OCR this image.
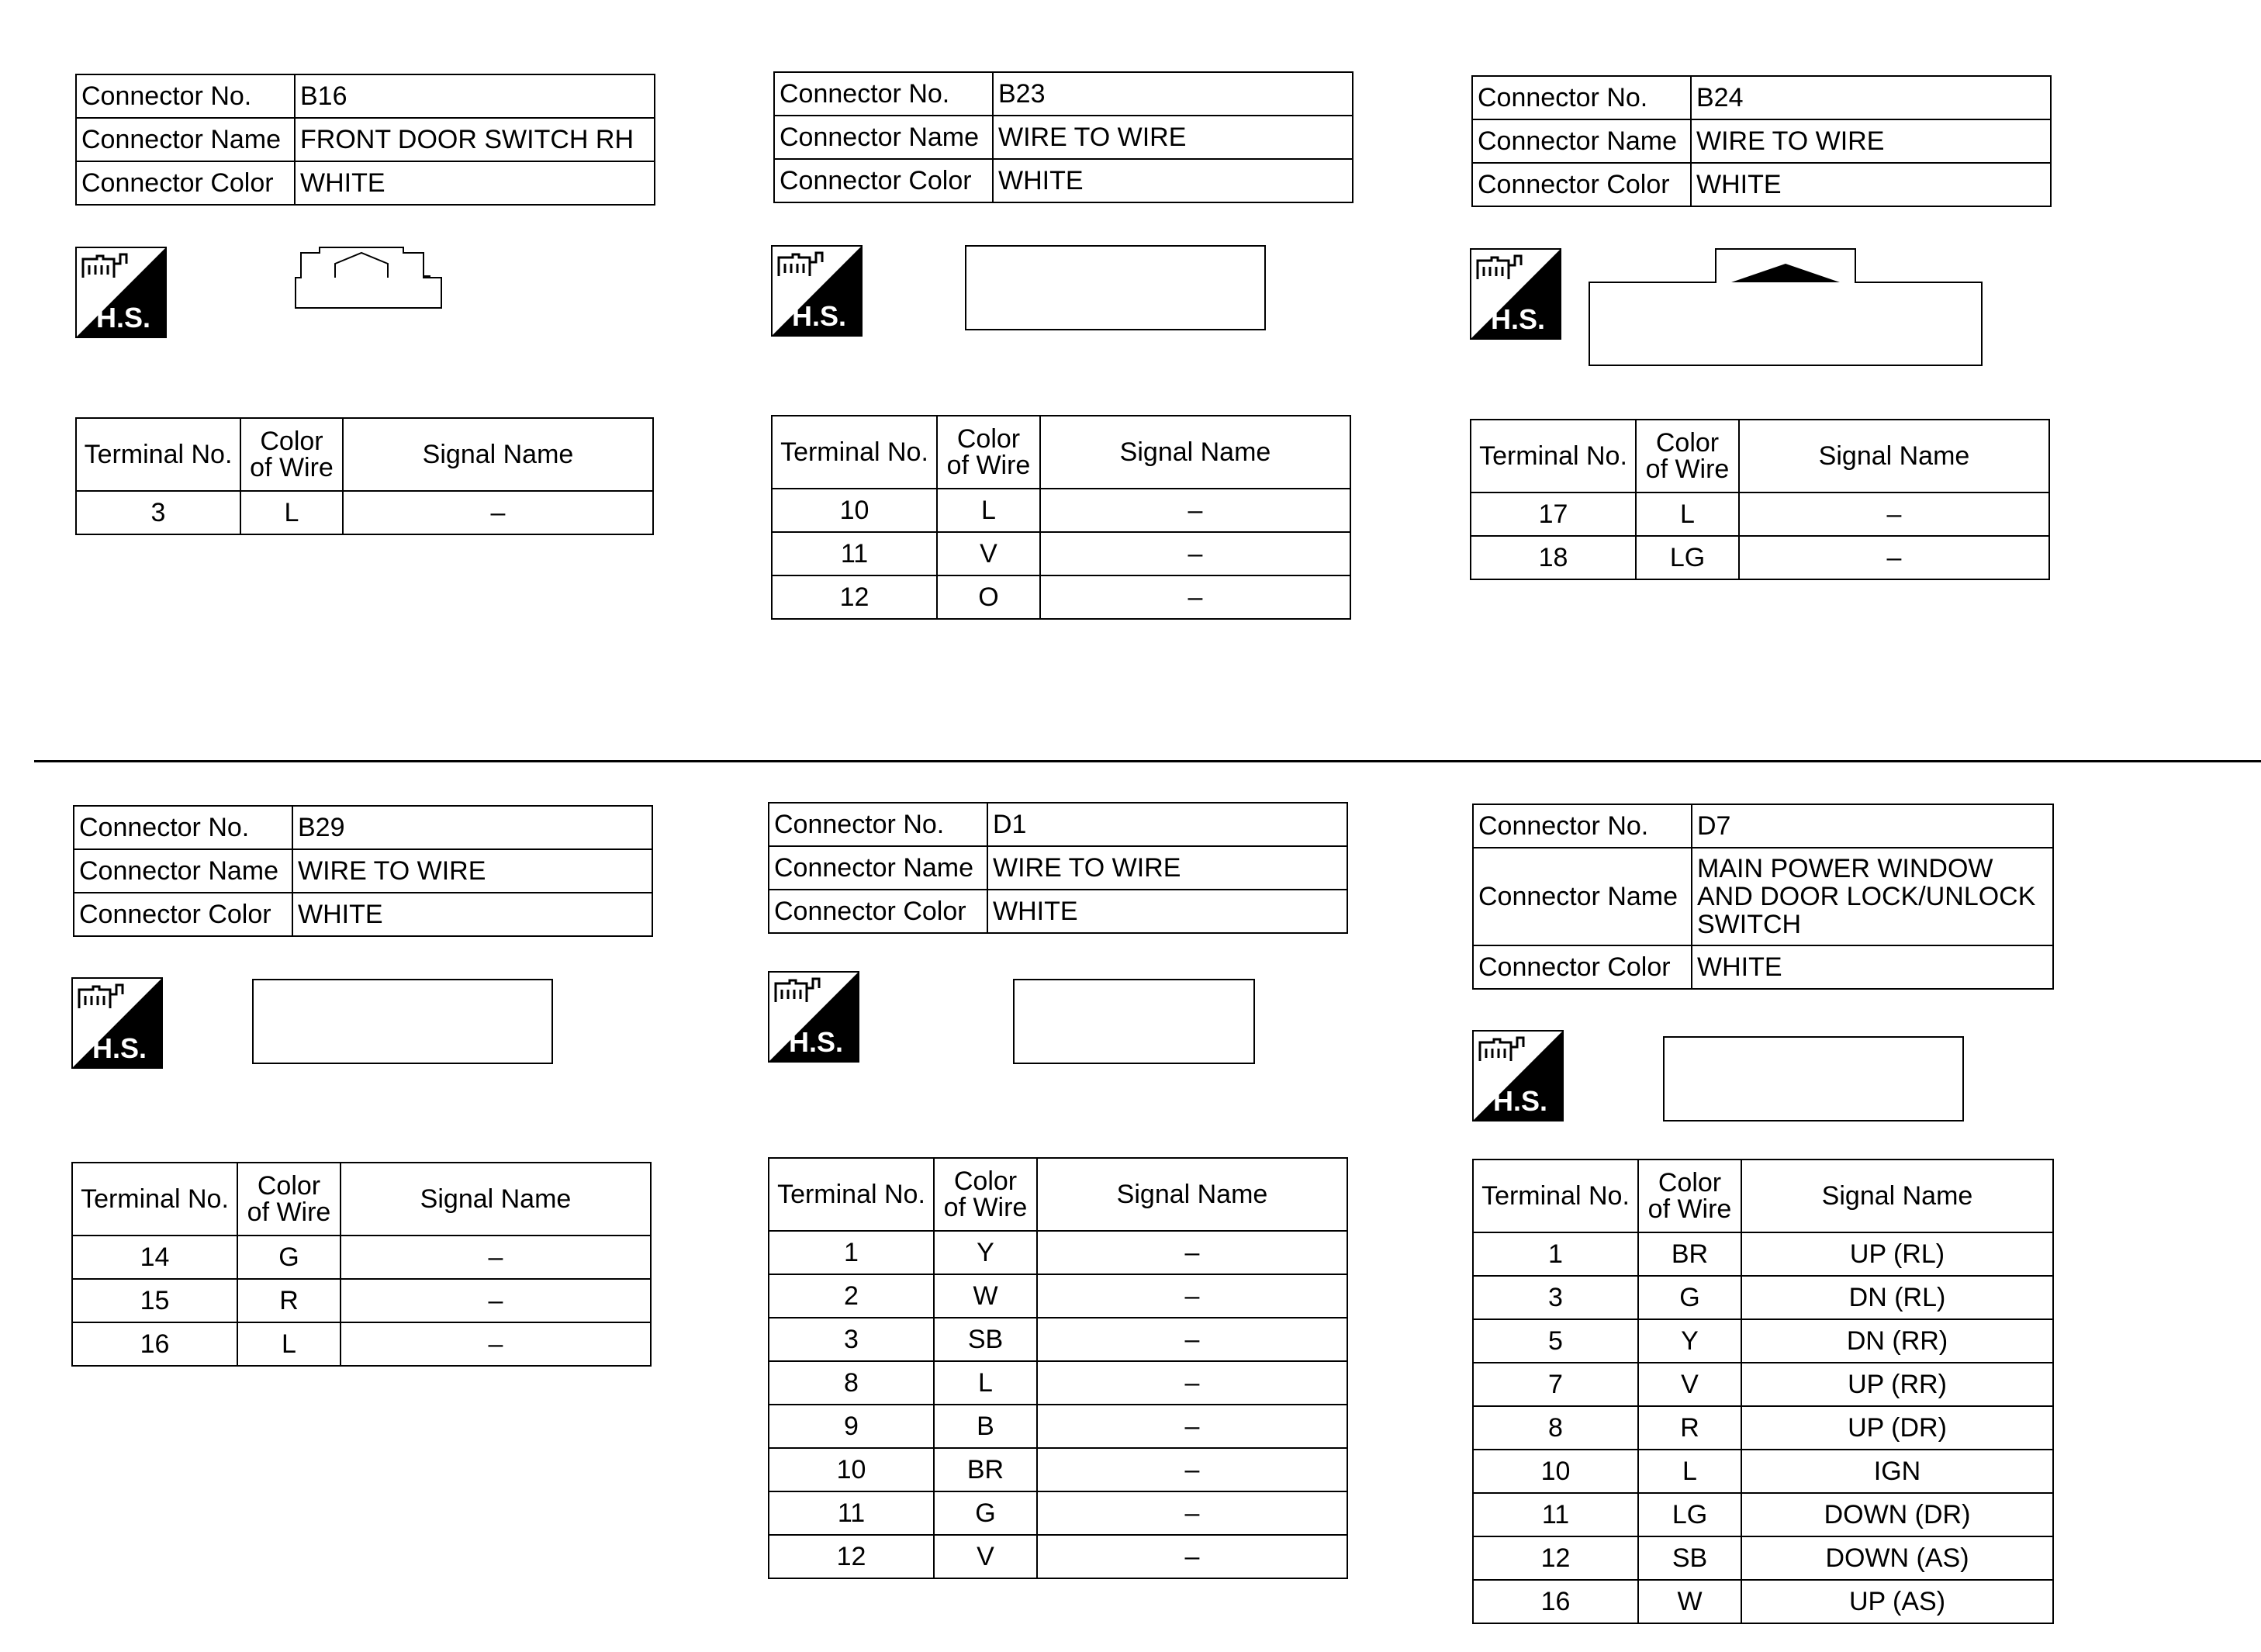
Connector No.	B16
Connector Name	FRONT DOOR SWITCH RH
Connector Color	WHITE
H.S.
Terminal No.	Color of Wire	Signal Name
3	L	–
Connector No.	B23
Connector Name	WIRE TO WIRE
Connector Color	WHITE
H.S.
Terminal No.	Color of Wire	Signal Name
10	L	–
11	V	–
12	O	–
Connector No.	B24
Connector Name	WIRE TO WIRE
Connector Color	WHITE
H.S.
Terminal No.	Color of Wire	Signal Name
17	L	–
18	LG	–
Connector No.	B29
Connector Name	WIRE TO WIRE
Connector Color	WHITE
H.S.
Terminal No.	Color of Wire	Signal Name
14	G	–
15	R	–
16	L	–
Connector No.	D1
Connector Name	WIRE TO WIRE
Connector Color	WHITE
H.S.
Terminal No.	Color of Wire	Signal Name
1	Y	–
2	W	–
3	SB	–
8	L	–
9	B	–
10	BR	–
11	G	–
12	V	–
Connector No.	D7
Connector Name	MAIN POWER WINDOW AND DOOR LOCK/UNLOCK SWITCH
Connector Color	WHITE
H.S.
Terminal No.	Color of Wire	Signal Name
1	BR	UP (RL)
3	G	DN (RL)
5	Y	DN (RR)
7	V	UP (RR)
8	R	UP (DR)
10	L	IGN
11	LG	DOWN (DR)
12	SB	DOWN (AS)
16	W	UP (AS)
